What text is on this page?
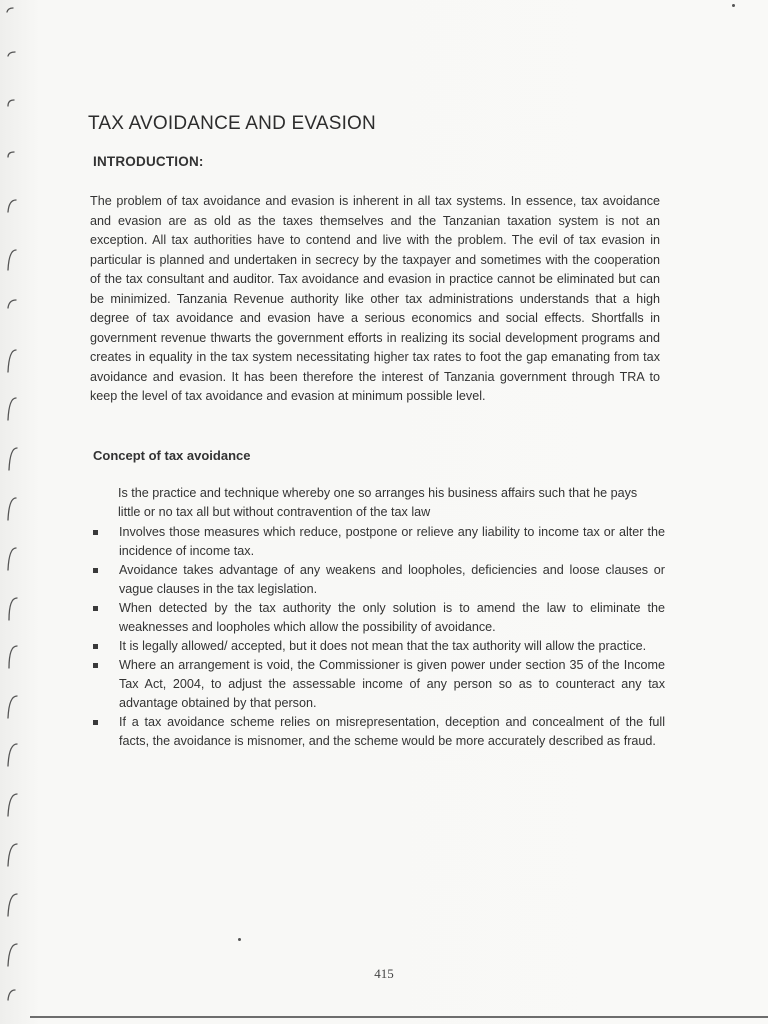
TAX AVOIDANCE AND EVASION
INTRODUCTION:

The problem of tax avoidance and evasion is inherent in all tax systems. In essence, tax avoidance and evasion are as old as the taxes themselves and the Tanzanian taxation system is not an exception. All tax authorities have to contend and live with the problem. The evil of tax evasion in particular is planned and undertaken in secrecy by the taxpayer and sometimes with the cooperation of the tax consultant and auditor. Tax avoidance and evasion in practice cannot be eliminated but can be minimized. Tanzania Revenue authority like other tax administrations understands that a high degree of tax avoidance and evasion have a serious economics and social effects. Shortfalls in government revenue thwarts the government efforts in realizing its social development programs and creates in equality in the tax system necessitating higher tax rates to foot the gap emanating from tax avoidance and evasion. It has been therefore the interest of Tanzania government through TRA to keep the level of tax avoidance and evasion at minimum possible level.

Concept of tax avoidance

Is the practice and technique whereby one so arranges his business affairs such that he pays little or no tax all but without contravention of the tax law

Involves those measures which reduce, postpone or relieve any liability to income tax or alter the incidence of income tax.
Avoidance takes advantage of any weakens and loopholes, deficiencies and loose clauses or vague clauses in the tax legislation.
When detected by the tax authority the only solution is to amend the law to eliminate the weaknesses and loopholes which allow the possibility of avoidance.
It is legally allowed/ accepted, but it does not mean that the tax authority will allow the practice.
Where an arrangement is void, the Commissioner is given power under section 35 of the Income Tax Act, 2004, to adjust the assessable income of any person so as to counteract any tax advantage obtained by that person.
If a tax avoidance scheme relies on misrepresentation, deception and concealment of the full facts, the avoidance is misnomer, and the scheme would be more accurately described as fraud.
415
